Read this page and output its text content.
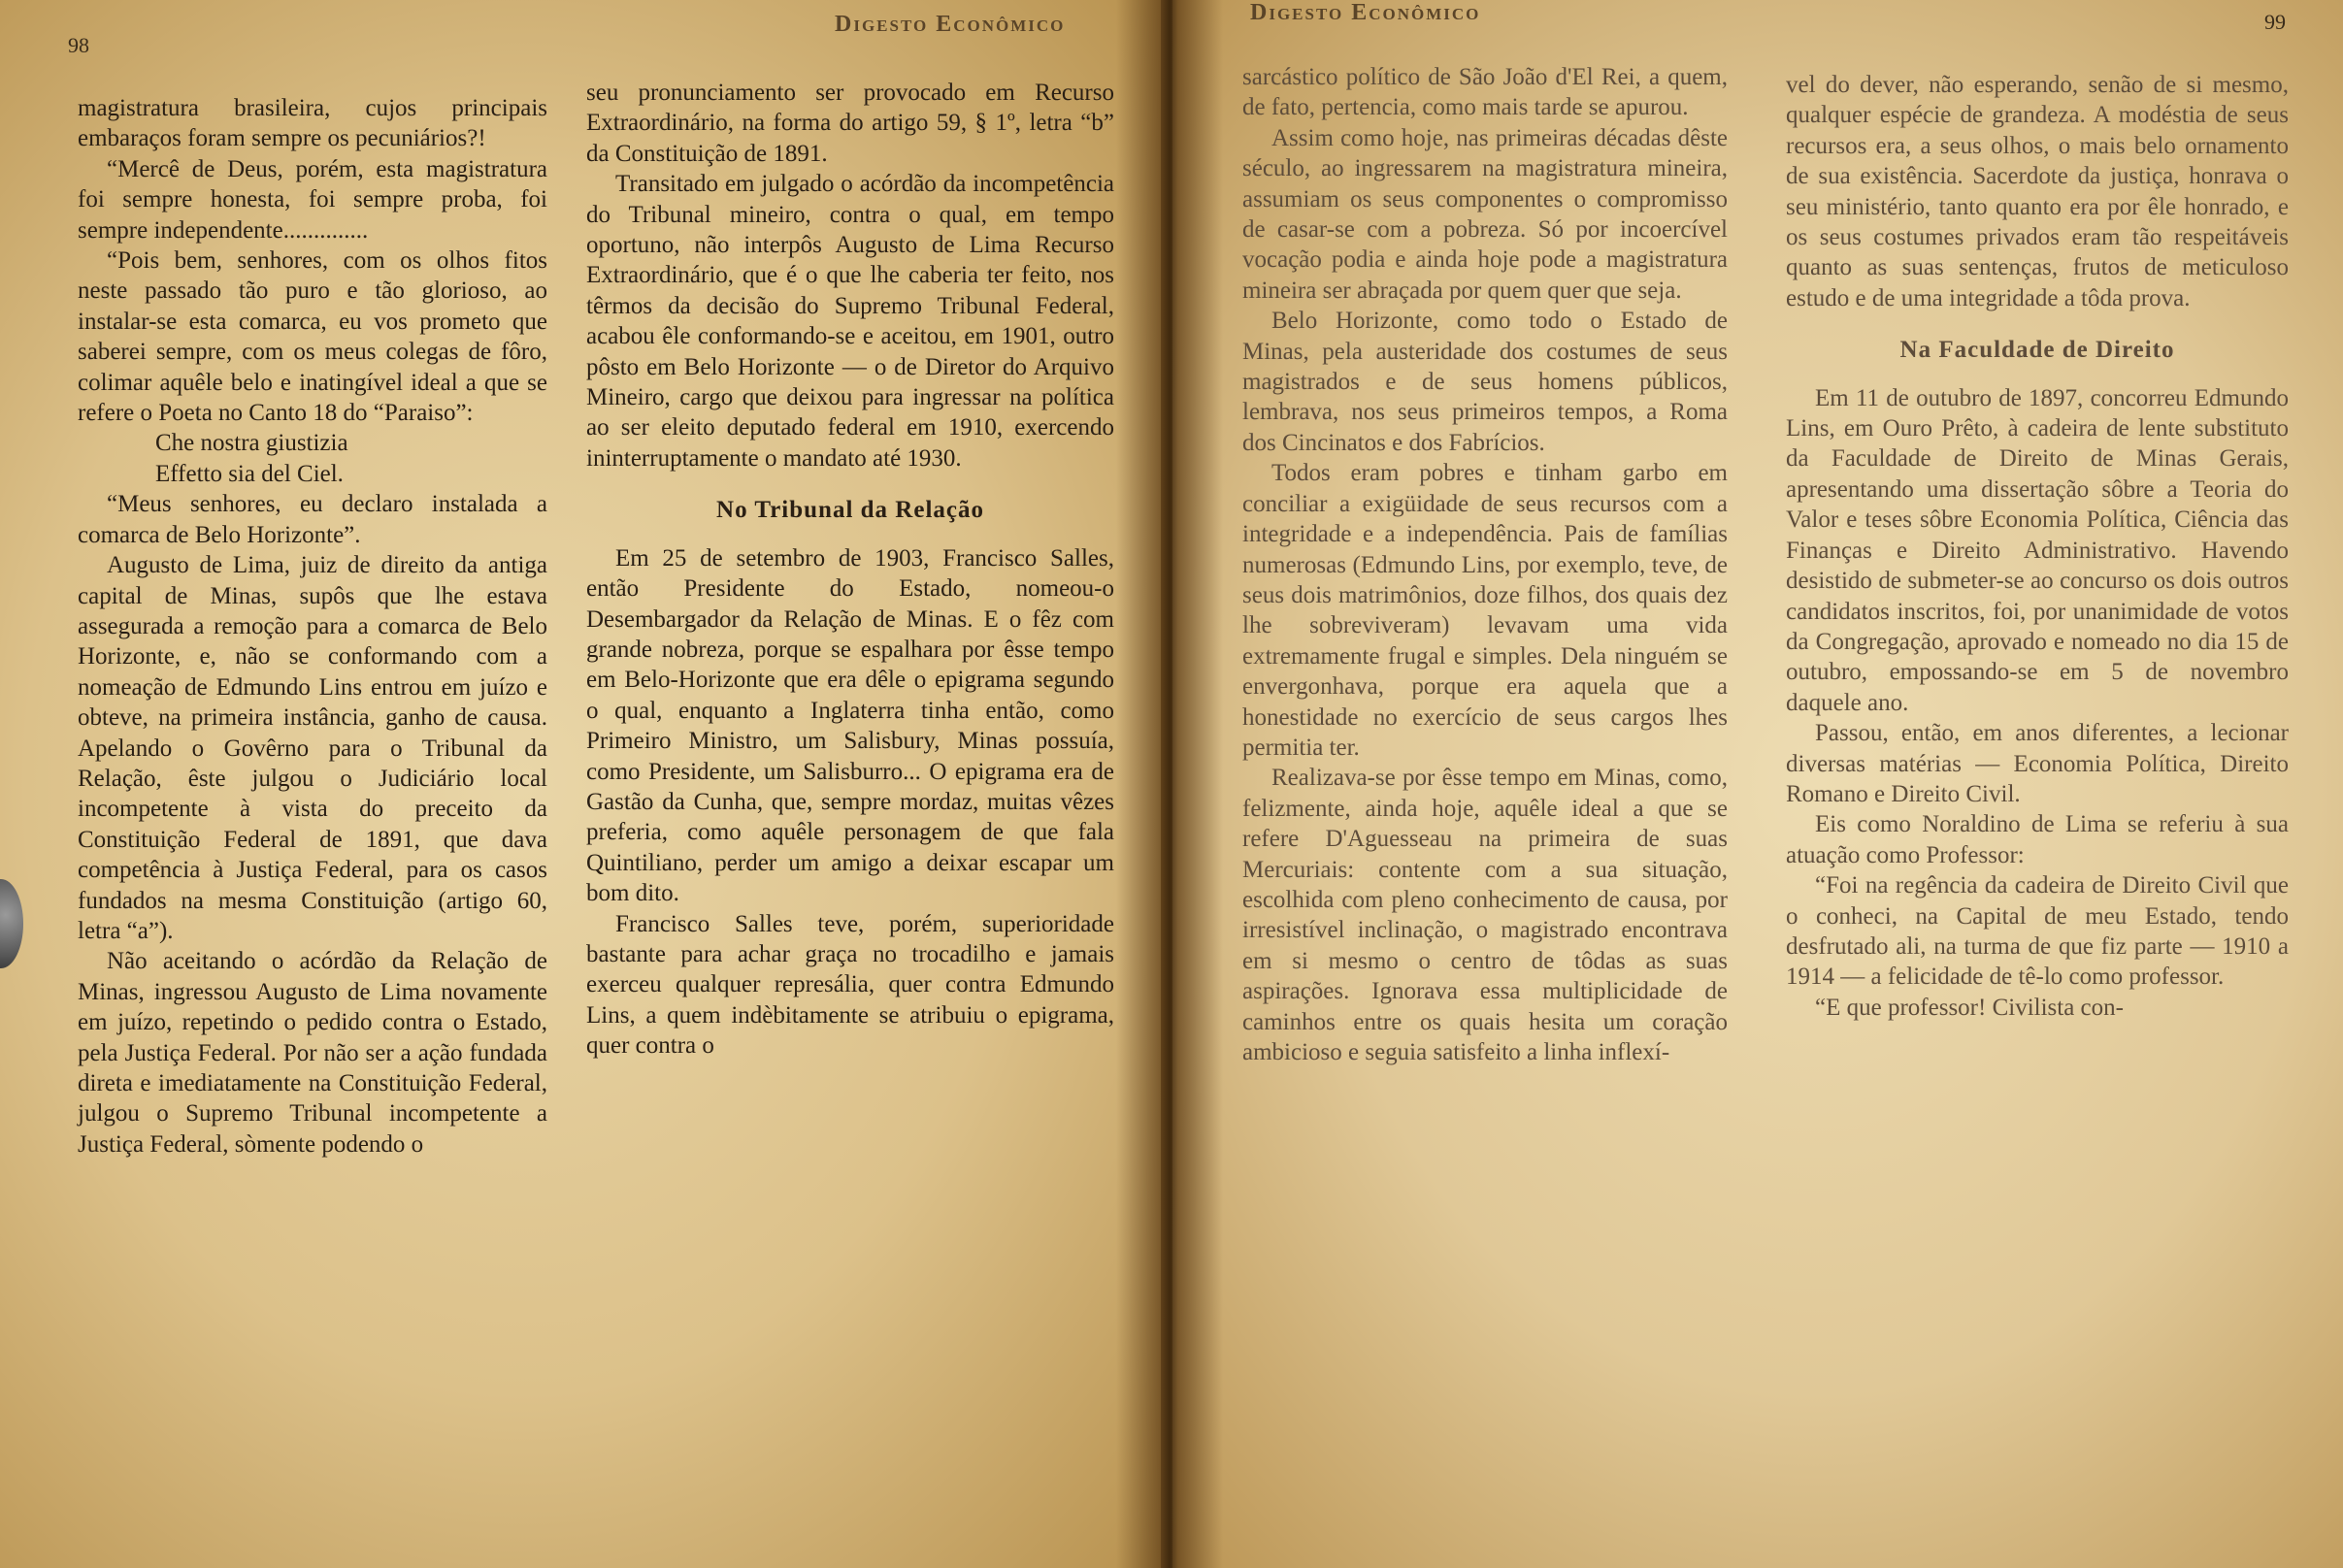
98
Digesto Econômico

magistratura brasileira, cujos principais embaraços foram sempre os pecuniários?!

“Mercê de Deus, porém, esta magistratura foi sempre honesta, foi sempre proba, foi sempre independente..............

“Pois bem, senhores, com os olhos fitos neste passado tão puro e tão glorioso, ao instalar-se esta comarca, eu vos prometo que saberei sempre, com os meus colegas de fôro, colimar aquêle belo e inatingível ideal a que se refere o Poeta no Canto 18 do “Paraiso”:

Che nostra giustizia

Effetto sia del Ciel.

“Meus senhores, eu declaro instalada a comarca de Belo Horizonte”.

Augusto de Lima, juiz de direito da antiga capital de Minas, supôs que lhe estava assegurada a remoção para a comarca de Belo Horizonte, e, não se conformando com a nomeação de Edmundo Lins entrou em juízo e obteve, na primeira instância, ganho de causa. Apelando o Govêrno para o Tribunal da Relação, êste julgou o Judiciário local incompetente à vista do preceito da Constituição Federal de 1891, que dava competência à Justiça Federal, para os casos fundados na mesma Constituição (artigo 60, letra “a”).

Não aceitando o acórdão da Relação de Minas, ingressou Augusto de Lima novamente em juízo, repetindo o pedido contra o Estado, pela Justiça Federal. Por não ser a ação fundada direta e imediatamente na Constituição Federal, julgou o Supremo Tribunal incompetente a Justiça Federal, sòmente podendo o

seu pronunciamento ser provocado em Recurso Extraordinário, na forma do artigo 59, § 1º, letra “b” da Constituição de 1891.

Transitado em julgado o acórdão da incompetência do Tribunal mineiro, contra o qual, em tempo oportuno, não interpôs Augusto de Lima Recurso Extraordinário, que é o que lhe caberia ter feito, nos têrmos da decisão do Supremo Tribunal Federal, acabou êle conformando-se e aceitou, em 1901, outro pôsto em Belo Horizonte — o de Diretor do Arquivo Mineiro, cargo que deixou para ingressar na política ao ser eleito deputado federal em 1910, exercendo ininterruptamente o mandato até 1930.

No Tribunal da Relação

Em 25 de setembro de 1903, Francisco Salles, então Presidente do Estado, nomeou-o Desembargador da Relação de Minas. E o fêz com grande nobreza, porque se espalhara por êsse tempo em Belo-Horizonte que era dêle o epigrama segundo o qual, enquanto a Inglaterra tinha então, como Primeiro Ministro, um Salisbury, Minas possuía, como Presidente, um Salisburro... O epigrama era de Gastão da Cunha, que, sempre mordaz, muitas vêzes preferia, como aquêle personagem de que fala Quintiliano, perder um amigo a deixar escapar um bom dito.

Francisco Salles teve, porém, superioridade bastante para achar graça no trocadilho e jamais exerceu qualquer represália, quer contra Edmundo Lins, a quem indèbitamente se atribuiu o epigrama, quer contra o

Digesto Econômico	99

sarcástico político de São João d'El Rei, a quem, de fato, pertencia, como mais tarde se apurou.

Assim como hoje, nas primeiras décadas dêste século, ao ingressarem na magistratura mineira, assumiam os seus componentes o compromisso de casar-se com a pobreza. Só por incoercível vocação podia e ainda hoje pode a magistratura mineira ser abraçada por quem quer que seja.

Belo Horizonte, como todo o Estado de Minas, pela austeridade dos costumes de seus magistrados e de seus homens públicos, lembrava, nos seus primeiros tempos, a Roma dos Cincinatos e dos Fabrícios.

Todos eram pobres e tinham garbo em conciliar a exigüidade de seus recursos com a integridade e a independência. Pais de famílias numerosas (Edmundo Lins, por exemplo, teve, de seus dois matrimônios, doze filhos, dos quais dez lhe sobreviveram) levavam uma vida extremamente frugal e simples. Dela ninguém se envergonhava, porque era aquela que a honestidade no exercício de seus cargos lhes permitia ter.

Realizava-se por êsse tempo em Minas, como, felizmente, ainda hoje, aquêle ideal a que se refere D'Aguesseau na primeira de suas Mercuriais: contente com a sua situação, escolhida com pleno conhecimento de causa, por irresistível inclinação, o magistrado encontrava em si mesmo o centro de tôdas as suas aspirações. Ignorava essa multiplicidade de caminhos entre os quais hesita um coração ambicioso e seguia satisfeito a linha inflexí-

vel do dever, não esperando, senão de si mesmo, qualquer espécie de grandeza. A modéstia de seus recursos era, a seus olhos, o mais belo ornamento de sua existência. Sacerdote da justiça, honrava o seu ministério, tanto quanto era por êle honrado, e os seus costumes privados eram tão respeitáveis quanto as suas sentenças, frutos de meticuloso estudo e de uma integridade a tôda prova.

Na Faculdade de Direito

Em 11 de outubro de 1897, concorreu Edmundo Lins, em Ouro Prêto, à cadeira de lente substituto da Faculdade de Direito de Minas Gerais, apresentando uma dissertação sôbre a Teoria do Valor e teses sôbre Economia Política, Ciência das Finanças e Direito Administrativo. Havendo desistido de submeter-se ao concurso os dois outros candidatos inscritos, foi, por unanimidade de votos da Congregação, aprovado e nomeado no dia 15 de outubro, empossando-se em 5 de novembro daquele ano.

Passou, então, em anos diferentes, a lecionar diversas matérias — Economia Política, Direito Romano e Direito Civil.

Eis como Noraldino de Lima se referiu à sua atuação como Professor:

“Foi na regência da cadeira de Direito Civil que o conheci, na Capital de meu Estado, tendo desfrutado ali, na turma de que fiz parte — 1910 a 1914 — a felicidade de tê-lo como professor.

“E que professor! Civilista con-
